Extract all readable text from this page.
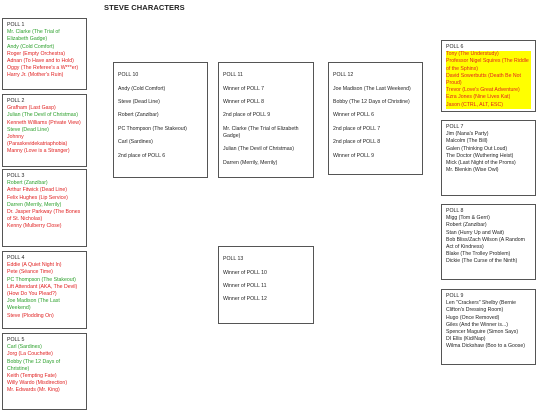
STEVE CHARACTERS
POLL 1
Mr. Clarke (The Trial of Elizabeth Gadge)
Andy (Cold Comfort)
Roger (Empty Orchestra)
Adnan (To Have and to Hold)
Oggy (The Referee's a W***er)
Harry Jr. (Mother's Ruin)
POLL 2
Grafham (Last Gasp)
Julian (The Devil of Christmas)
Kenneth Williams (Private View)
Steve (Dead Line)
Johnny (Paraskevidekatriaphobia)
Manny (Love is a Stranger)
POLL 3
Robert (Zanzibar)
Arthur Fitwick (Dead Line)
Felix Hughes (Lip Service)
Darren (Merrily, Merrily)
Dr. Jasper Parkway (The Bones of St. Nicholas)
Kenny (Mulberry Close)
POLL 4
Eddie (A Quiet Night In)
Pete (Séance Time)
PC Thompson (The Stakeout)
Lift Attendant (AKA, The Devil) (How Do You Plead?)
Joe Madison (The Last Weekend)
Steve (Plodding On)
POLL 5
Carl (Sardines)
Jorg (La Couchette)
Bobby (The 12 Days of Christine)
Keith (Tempting Fate)
Willy Wardo (Misdirection)
Mr. Edwards (Mr. King)
POLL 10
Andy (Cold Comfort)
Steve (Dead Line)
Robert (Zanzibar)
PC Thompson (The Stakeout)
Carl (Sardines)
2nd place of POLL 6
POLL 11
Winner of POLL 7
Winner of POLL 8
2nd place of POLL 9
Mr. Clarke (The Trial of Elizabeth Gadge)
Julian (The Devil of Christmas)
Darren (Merrily, Merrily)
POLL 12
Joe Madison (The Last Weekend)
Bobby (The 12 Days of Christine)
Winner of POLL 6
2nd place of POLL 7
2nd place of POLL 8
Winner of POLL 9
POLL 13
Winner of POLL 10
Winner of POLL 11
Winner of POLL 12
POLL 6
Tony (The Understudy)
Professor Nigel Squires (The Riddle of the Sphinx)
David Sowerbutts (Death Be Not Proud)
Trevor (Love's Great Adventure)
Ezra Jones (Nine Lives Kat)
Jason (CTRL, ALT, ESC)
POLL 7
Jim (Nana's Party)
Malcolm (The Bill)
Galen (Thinking Out Loud)
The Doctor (Wuthering Heist)
Mick (Last Night of the Proms)
Mr. Blenkin (Wise Owl)
POLL 8
Migg (Tom & Gerri)
Robert (Zanzibar)
Stan (Hurry Up and Wait)
Bob Bliss/Zach Wilson (A Random Act of Kindness)
Blake (The Trolley Problem)
Dickie (The Curse of the Ninth)
POLL 9
Len "Crackers" Shelby (Bernie Clifton's Dressing Room)
Hugo (Once Removed)
Giles (And the Winner is...)
Spencer Maguire (Simon Says)
DI Ellis (Kid/Nap)
Wilma Dickshaw (Boo to a Goose)
